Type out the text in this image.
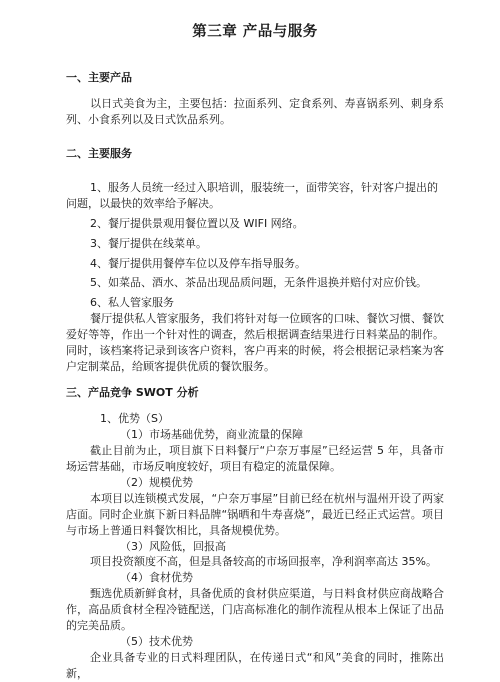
第三章 产品与服务

一、主要产品

以日式美食为主，主要包括：拉面系列、定食系列、寿喜锅系列、刺身系列、小食系列以及日式饮品系列。

二、主要服务

1、服务人员统一经过入职培训，服装统一，面带笑容，针对客户提出的问题，以最快的效率给予解决。

2、餐厅提供景观用餐位置以及 WIFI 网络。

3、餐厅提供在线菜单。

4、餐厅提供用餐停车位以及停车指导服务。

5、如菜品、酒水、茶品出现品质问题，无条件退换并赔付对应价钱。

6、私人管家服务

餐厅提供私人管家服务，我们将针对每一位顾客的口味、餐饮习惯、餐饮爱好等等，作出一个针对性的调查，然后根据调查结果进行日料菜品的制作。同时，该档案将记录到该客户资料，客户再来的时候，将会根据记录档案为客户定制菜品，给顾客提供优质的餐饮服务。

三、产品竞争 SWOT 分析

1、优势（S）

（1）市场基础优势，商业流量的保障

截止目前为止，项目旗下日料餐厅“户奈万事屋”已经运营 5 年，具备市场运营基础，市场反响度较好，项目有稳定的流量保障。

（2）规模优势

本项目以连锁模式发展，“户奈万事屋”目前已经在杭州与温州开设了两家店面。同时企业旗下新日料品牌“锅晒和牛寿喜烧”，最近已经正式运营。项目与市场上普通日料餐饮相比，具备规模优势。

（3）风险低，回报高

项目投资额度不高，但是具备较高的市场回报率，净利润率高达 35%。

（4）食材优势

甄选优质新鲜食材，具备优质的食材供应渠道，与日料食材供应商战略合作，高品质食材全程冷链配送，门店高标准化的制作流程从根本上保证了出品的完美品质。

（5）技术优势

企业具备专业的日式料理团队，在传递日式“和风”美食的同时，推陈出新，
